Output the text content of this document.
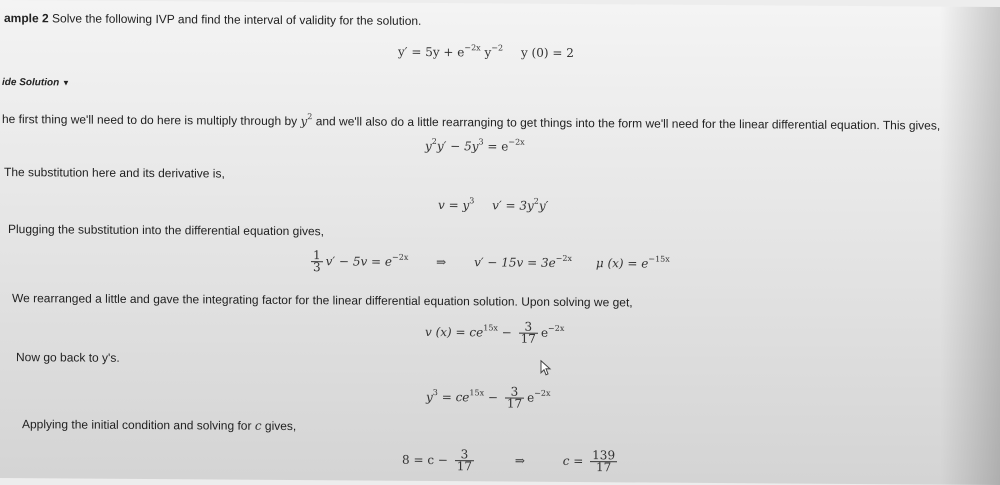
ample 2 Solve the following IVP and find the interval of validity for the solution.
$y' = 5y + e^{-2x}$ $y^{-2}$ y (0) = 2
ide Solution ▼
he first thing we'll need to do here is multiply through by $y^2$ and we'll also do a little rearranging to get things into the form we'll need for the linear differential equation. This gives,
$y^2y' - 5y^3 = e^{-2x}$
The substitution here and its derivative is,
$v = y^3$ $v' = 3y^2y'$
Plugging the substitution into the differential equation gives,
$\frac{1}{3} v' - 5v = e^{-2x}$ ⇒ $v' - 15v = 3e^{-2x}$ μ $(x) = e^{-15x}$
We rearranged a little and gave the integrating factor for the linear differential equation solution. Upon solving we get,
v $(x) = ce^{15x} - \frac{3}{17} e^{-2x}$
Now go back to y's.
$y^3 = ce^{15x} - \frac{3}{17} e^{-2x}$
Applying the initial condition and solving for c gives,
$8 = c - \frac{3}{17}$	⇒	$c = \frac{139}{17}$
